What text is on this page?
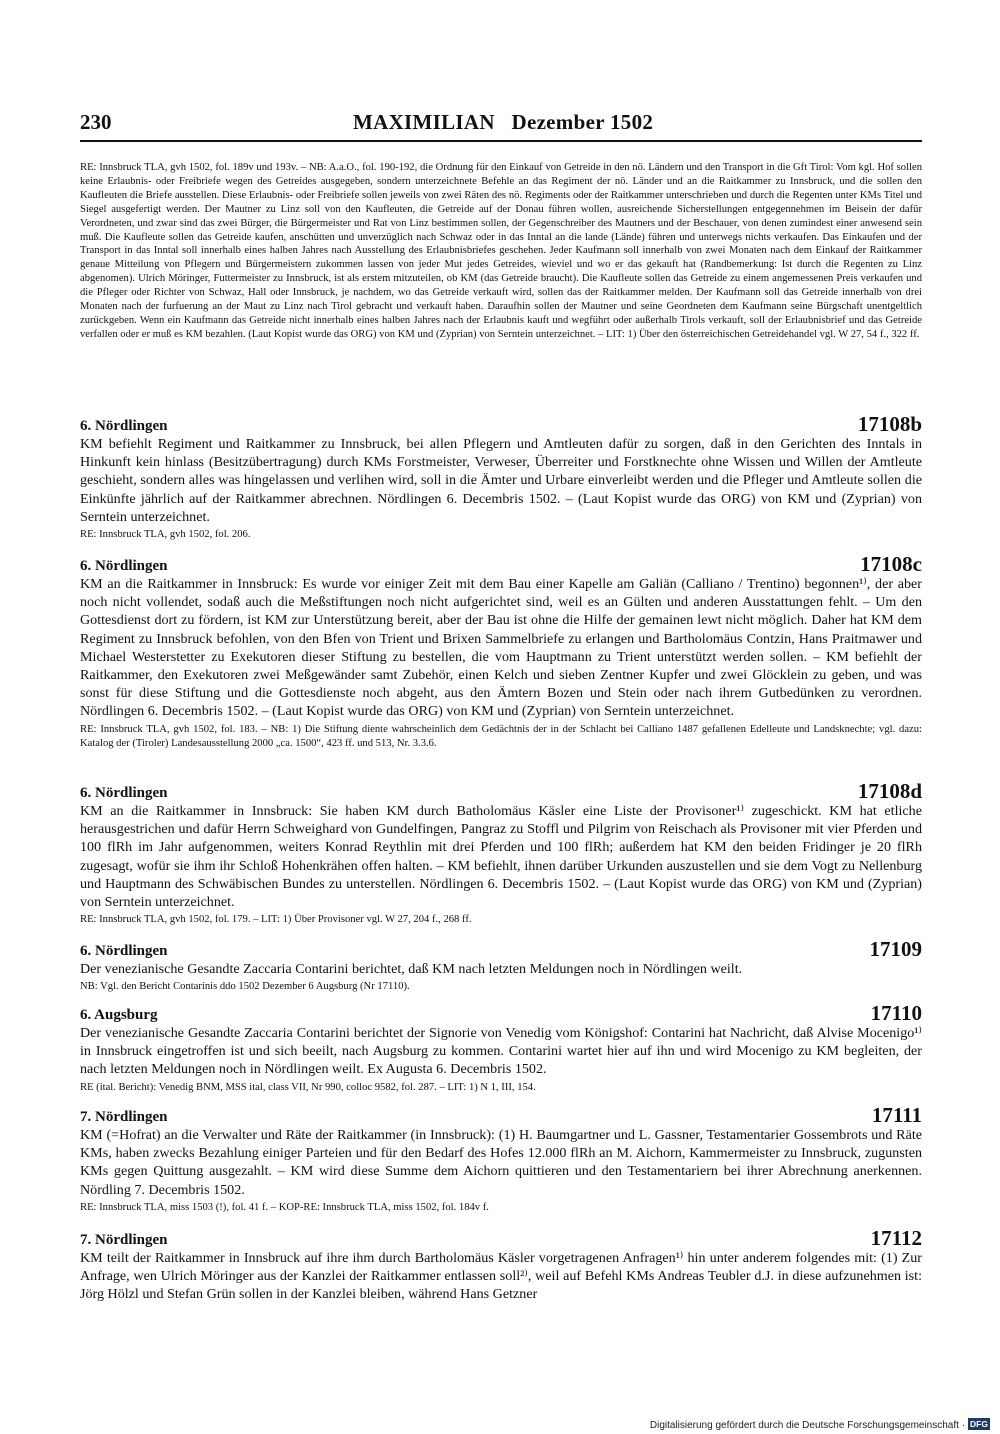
230	MAXIMILIAN   Dezember 1502

RE: Innsbruck TLA, gvh 1502, fol. 189v und 193v. – NB: A.a.O., fol. 190-192, die Ordnung für den Einkauf von Getreide in den nö. Ländern und den Transport in die Gft Tirol: Vom kgl. Hof sollen keine Erlaubnis- oder Freibriefe wegen des Getreides ausgegeben, sondern unterzeichnete Befehle an das Regiment der nö. Länder und an die Raitkammer zu Innsbruck, und die sollen den Kaufleuten die Briefe ausstellen. Diese Erlaubnis- oder Freibriefe sollen jeweils von zwei Räten des nö. Regiments oder der Raitkammer unterschrieben und durch die Regenten unter KMs Titel und Siegel ausgefertigt werden. Der Mautner zu Linz soll von den Kaufleuten, die Getreide auf der Donau führen wollen, ausreichende Sicherstellungen entgegennehmen im Beisein der dafür Verordneten, und zwar sind das zwei Bürger, die Bürgermeister und Rat von Linz bestimmen sollen, der Gegenschreiber des Mautners und der Beschauer, von denen zumindest einer anwesend sein muß. Die Kaufleute sollen das Getreide kaufen, anschütten und unverzüglich nach Schwaz oder in das Inntal an die lande (Lände) führen und unterwegs nichts verkaufen. Das Einkaufen und der Transport in das Inntal soll innerhalb eines halben Jahres nach Ausstellung des Erlaubnisbriefes geschehen. Jeder Kaufmann soll innerhalb von zwei Monaten nach dem Einkauf der Raitkammer genaue Mitteilung von Pflegern und Bürgermeistern zukommen lassen von jeder Mut jedes Getreides, wieviel und wo er das gekauft hat (Randbemerkung: Ist durch die Regenten zu Linz abgenomen). Ulrich Möringer, Futtermeister zu Innsbruck, ist als erstem mitzuteilen, ob KM (das Getreide braucht). Die Kaufleute sollen das Getreide zu einem angemessenen Preis verkaufen und die Pfleger oder Richter von Schwaz, Hall oder Innsbruck, je nachdem, wo das Getreide verkauft wird, sollen das der Raitkammer melden. Der Kaufmann soll das Getreide innerhalb von drei Monaten nach der furfuerung an der Maut zu Linz nach Tirol gebracht und verkauft haben. Daraufhin sollen der Mautner und seine Geordneten dem Kaufmann seine Bürgschaft unentgeltlich zurückgeben. Wenn ein Kaufmann das Getreide nicht innerhalb eines halben Jahres nach der Erlaubnis kauft und wegführt oder außerhalb Tirols verkauft, soll der Erlaubnisbrief und das Getreide verfallen oder er muß es KM bezahlen. (Laut Kopist wurde das ORG) von KM und (Zyprian) von Serntein unterzeichnet. – LIT: 1) Über den österreichischen Getreidehandel vgl. W 27, 54 f., 322 ff.

6. Nördlingen	17108b

KM befiehlt Regiment und Raitkammer zu Innsbruck, bei allen Pflegern und Amtleuten dafür zu sorgen, daß in den Gerichten des Inntals in Hinkunft kein hinlass (Besitzübertragung) durch KMs Forstmeister, Verweser, Überreiter und Forstknechte ohne Wissen und Willen der Amtleute geschieht, sondern alles was hingelassen und verlihen wird, soll in die Ämter und Urbare einverleibt werden und die Pfleger und Amtleute sollen die Einkünfte jährlich auf der Raitkammer abrechnen. Nördlingen 6. Decembris 1502. – (Laut Kopist wurde das ORG) von KM und (Zyprian) von Serntein unterzeichnet.

RE: Innsbruck TLA, gvh 1502, fol. 206.

6. Nördlingen	17108c

KM an die Raitkammer in Innsbruck: Es wurde vor einiger Zeit mit dem Bau einer Kapelle am Galiän (Calliano / Trentino) begonnen¹⁾, der aber noch nicht vollendet, sodaß auch die Meßstiftungen noch nicht aufgerichtet sind, weil es an Gülten und anderen Ausstattungen fehlt. – Um den Gottesdienst dort zu fördern, ist KM zur Unterstützung bereit, aber der Bau ist ohne die Hilfe der gemainen lewt nicht möglich. Daher hat KM dem Regiment zu Innsbruck befohlen, von den Bfen von Trient und Brixen Sammelbriefe zu erlangen und Bartholomäus Contzin, Hans Praitmawer und Michael Westerstetter zu Exekutoren dieser Stiftung zu bestellen, die vom Hauptmann zu Trient unterstützt werden sollen. – KM befiehlt der Raitkammer, den Exekutoren zwei Meßgewänder samt Zubehör, einen Kelch und sieben Zentner Kupfer und zwei Glöcklein zu geben, und was sonst für diese Stiftung und die Gottesdienste noch abgeht, aus den Ämtern Bozen und Stein oder nach ihrem Gutbedünken zu verordnen. Nördlingen 6. Decembris 1502. – (Laut Kopist wurde das ORG) von KM und (Zyprian) von Serntein unterzeichnet.

RE: Innsbruck TLA, gvh 1502, fol. 183. – NB: 1) Die Stiftung diente wahrscheinlich dem Gedächtnis der in der Schlacht bei Calliano 1487 gefallenen Edelleute und Landsknechte; vgl. dazu: Katalog der (Tiroler) Landesausstellung 2000 „ca. 1500“, 423 ff. und 513, Nr. 3.3.6.

6. Nördlingen	17108d

KM an die Raitkammer in Innsbruck: Sie haben KM durch Batholomäus Käsler eine Liste der Provisoner¹⁾ zugeschickt. KM hat etliche herausgestrichen und dafür Herrn Schweighard von Gundelfingen, Pangraz zu Stoffl und Pilgrim von Reischach als Provisoner mit vier Pferden und 100 flRh im Jahr aufgenommen, weiters Konrad Reythlin mit drei Pferden und 100 flRh; außerdem hat KM den beiden Fridinger je 20 flRh zugesagt, wofür sie ihm ihr Schloß Hohenkrähen offen halten. – KM befiehlt, ihnen darüber Urkunden auszustellen und sie dem Vogt zu Nellenburg und Hauptmann des Schwäbischen Bundes zu unterstellen. Nördlingen 6. Decembris 1502. – (Laut Kopist wurde das ORG) von KM und (Zyprian) von Serntein unterzeichnet.

RE: Innsbruck TLA, gvh 1502, fol. 179. – LIT: 1) Über Provisoner vgl. W 27, 204 f., 268 ff.

6. Nördlingen	17109

Der venezianische Gesandte Zaccaria Contarini berichtet, daß KM nach letzten Meldungen noch in Nördlingen weilt.

NB: Vgl. den Bericht Contarinis ddo 1502 Dezember 6 Augsburg (Nr 17110).

6. Augsburg	17110

Der venezianische Gesandte Zaccaria Contarini berichtet der Signorie von Venedig vom Königshof: Contarini hat Nachricht, daß Alvise Mocenigo¹⁾ in Innsbruck eingetroffen ist und sich beeilt, nach Augsburg zu kommen. Contarini wartet hier auf ihn und wird Mocenigo zu KM begleiten, der nach letzten Meldungen noch in Nördlingen weilt. Ex Augusta 6. Decembris 1502.

RE (ital. Bericht): Venedig BNM, MSS ital, class VII, Nr 990, colloc 9582, fol. 287. – LIT: 1) N 1, III, 154.

7. Nördlingen	17111

KM (=Hofrat) an die Verwalter und Räte der Raitkammer (in Innsbruck): (1) H. Baumgartner und L. Gassner, Testamentarier Gossembrots und Räte KMs, haben zwecks Bezahlung einiger Parteien und für den Bedarf des Hofes 12.000 flRh an M. Aichorn, Kammermeister zu Innsbruck, zugunsten KMs gegen Quittung ausgezahlt. – KM wird diese Summe dem Aichorn quittieren und den Testamentariern bei ihrer Abrechnung anerkennen. Nördling 7. Decembris 1502.

RE: Innsbruck TLA, miss 1503 (!), fol. 41 f. – KOP-RE: Innsbruck TLA, miss 1502, fol. 184v f.

7. Nördlingen	17112

KM teilt der Raitkammer in Innsbruck auf ihre ihm durch Bartholomäus Käsler vorgetragenen Anfragen¹⁾ hin unter anderem folgendes mit: (1) Zur Anfrage, wen Ulrich Möringer aus der Kanzlei der Raitkammer entlassen soll²⁾, weil auf Befehl KMs Andreas Teubler d.J. in diese aufzunehmen ist: Jörg Hölzl und Stefan Grün sollen in der Kanzlei bleiben, während Hans Getzner

Digitalisierung gefördert durch die Deutsche Forschungsgemeinschaft · DFG
